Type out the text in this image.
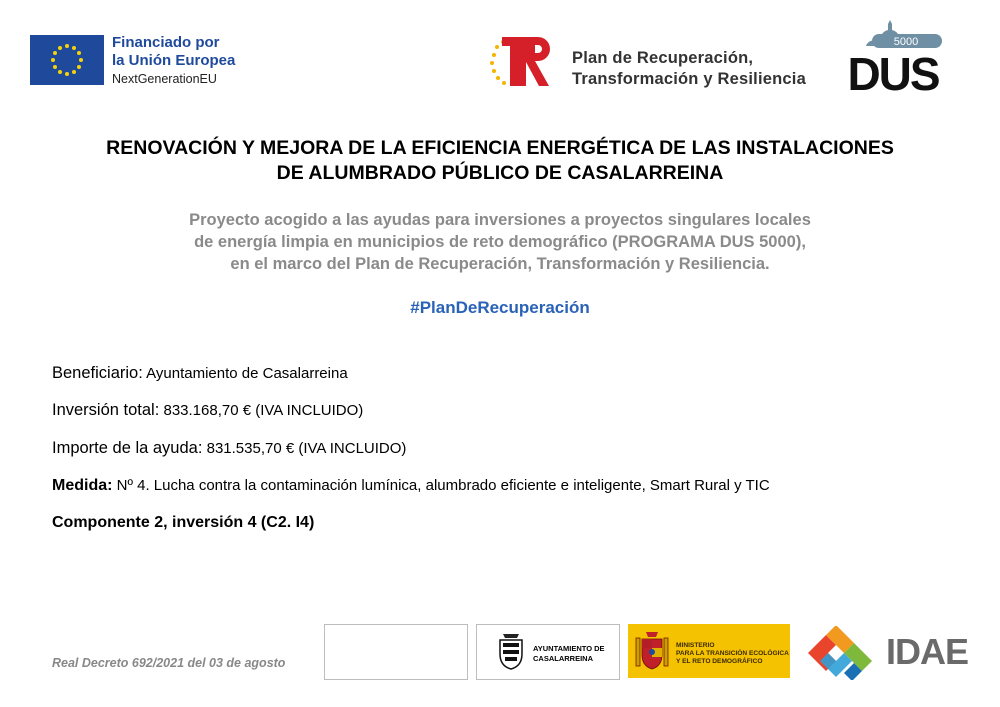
Financiado por
la Unión Europea
NextGenerationEU
Plan de Recuperación,
Transformación y Resiliencia
5000
DUS
RENOVACIÓN Y MEJORA DE LA EFICIENCIA ENERGÉTICA DE LAS INSTALACIONES
DE ALUMBRADO PÚBLICO DE CASALARREINA
Proyecto acogido a las ayudas para inversiones a proyectos singulares locales
de energía limpia en municipios de reto demográfico (PROGRAMA DUS 5000),
en el marco del Plan de Recuperación, Transformación y Resiliencia.
#PlanDeRecuperación
Beneficiario: Ayuntamiento de Casalarreina
Inversión total: 833.168,70 € (IVA INCLUIDO)
Importe de la ayuda: 831.535,70 € (IVA INCLUIDO)
Medida: Nº 4. Lucha contra la contaminación lumínica, alumbrado eficiente e inteligente, Smart Rural y TIC
Componente 2, inversión 4 (C2. I4)
Real Decreto 692/2021 del 03 de agosto
AYUNTAMIENTO DE
CASALARREINA
MINISTERIO
PARA LA TRANSICIÓN ECOLÓGICA
Y EL RETO DEMOGRÁFICO	IDAE
